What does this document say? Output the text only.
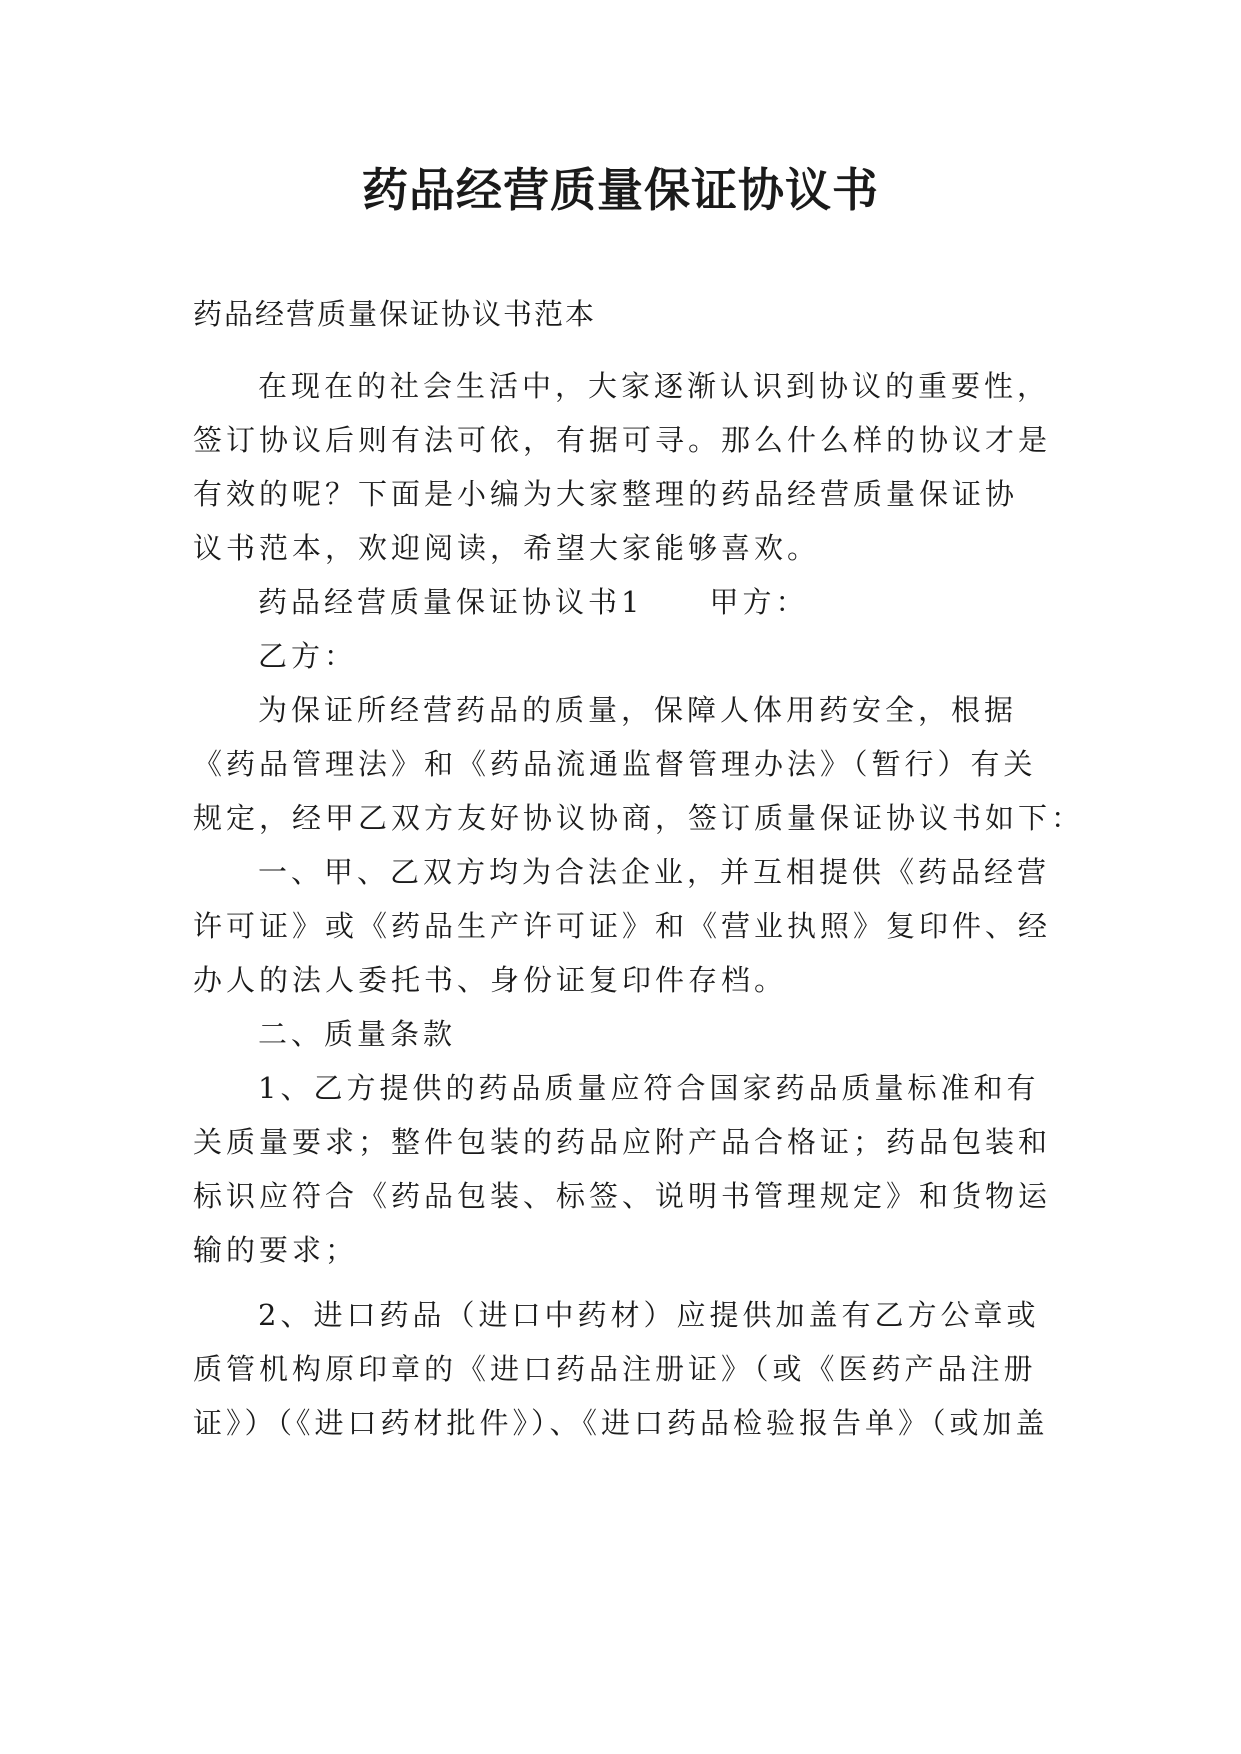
药品经营质量保证协议书
药品经营质量保证协议书范本
在现在的社会生活中，大家逐渐认识到协议的重要性，
签订协议后则有法可依，有据可寻。那么什么样的协议才是
有效的呢？下面是小编为大家整理的药品经营质量保证协
议书范本，欢迎阅读，希望大家能够喜欢。
药品经营质量保证协议书1　　甲方：
乙方：
为保证所经营药品的质量，保障人体用药安全，根据
《药品管理法》和《药品流通监督管理办法》（暂行）有关
规定，经甲乙双方友好协议协商，签订质量保证协议书如下：
一、甲、乙双方均为合法企业，并互相提供《药品经营
许可证》或《药品生产许可证》和《营业执照》复印件、经
办人的法人委托书、身份证复印件存档。
二、质量条款
1、乙方提供的药品质量应符合国家药品质量标准和有
关质量要求；整件包装的药品应附产品合格证；药品包装和
标识应符合《药品包装、标签、说明书管理规定》和货物运
输的要求；
2、进口药品（进口中药材）应提供加盖有乙方公章或
质管机构原印章的《进口药品注册证》（或《医药产品注册
证》）（《进口药材批件》）、《进口药品检验报告单》（或加盖
